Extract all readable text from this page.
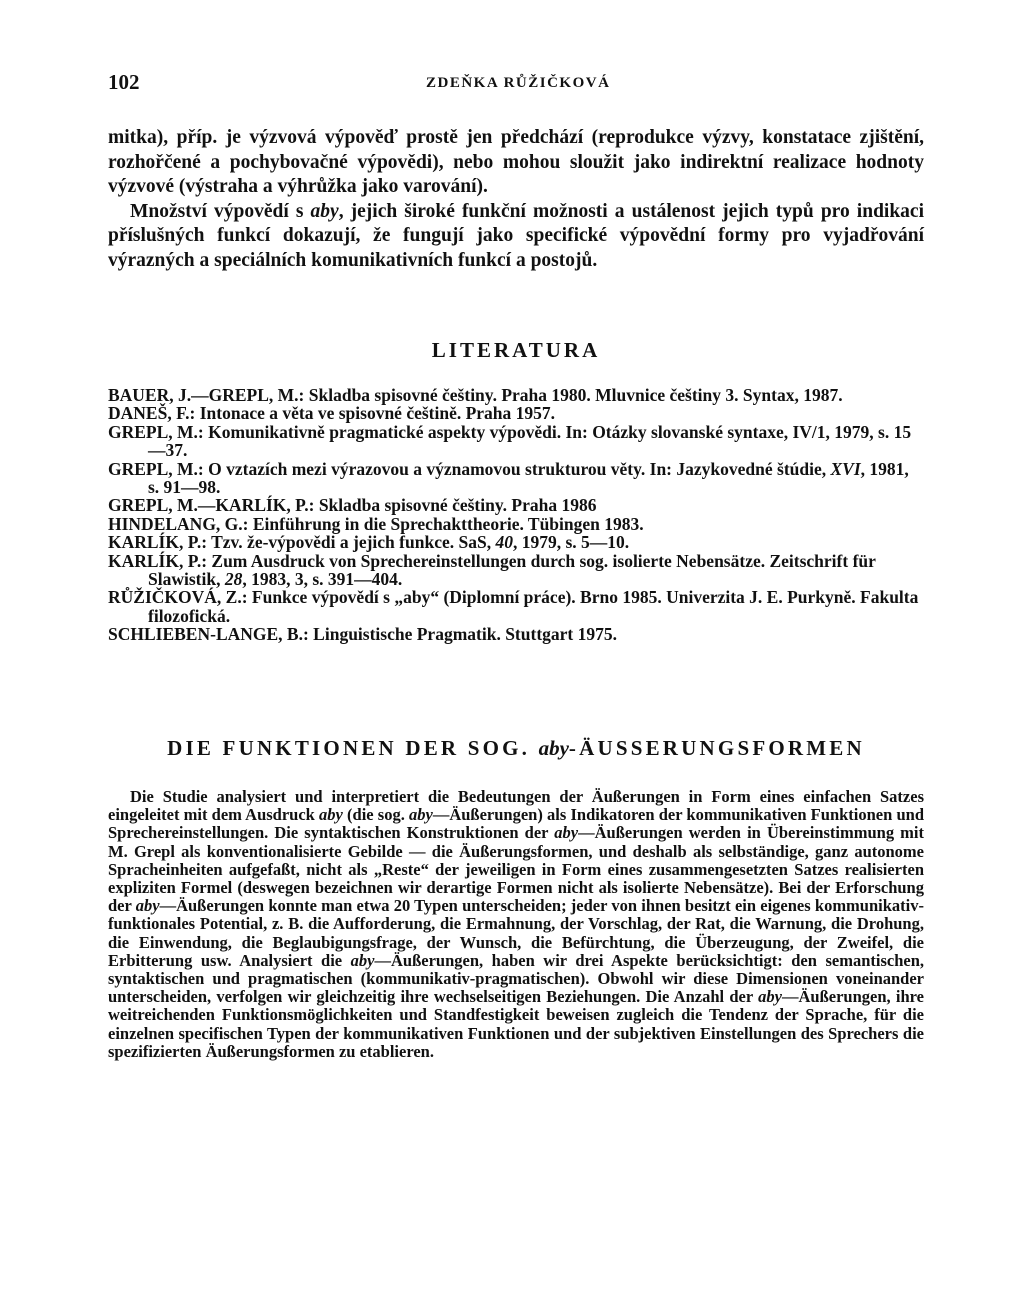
102	ZDEŇKA RŮŽIČKOVÁ

mitka), příp. je výzvová výpověď prostě jen předchází (reprodukce výzvy, konstatace zjištění, rozhořčené a pochybovačné výpovědi), nebo mohou sloužit jako indirektní realizace hodnoty výzvové (výstraha a výhrůžka jako varování).

Množství výpovědí s aby, jejich široké funkční možnosti a ustálenost jejich typů pro indikaci příslušných funkcí dokazují, že fungují jako specifické výpovědní formy pro vyjadřování výrazných a speciálních komunikativních funkcí a postojů.

LITERATURA

BAUER, J.—GREPL, M.: Skladba spisovné češtiny. Praha 1980. Mluvnice češtiny 3. Syntax, 1987.

DANEŠ, F.: Intonace a věta ve spisovné češtině. Praha 1957.

GREPL, M.: Komunikativně pragmatické aspekty výpovědi. In: Otázky slovanské syntaxe, IV/1, 1979, s. 15—37.

GREPL, M.: O vztazích mezi výrazovou a významovou strukturou věty. In: Jazykovedné štúdie, XVI, 1981, s. 91—98.

GREPL, M.—KARLÍK, P.: Skladba spisovné češtiny. Praha 1986

HINDELANG, G.: Einführung in die Sprechakttheorie. Tübingen 1983.

KARLÍK, P.: Tzv. že-výpovědi a jejich funkce. SaS, 40, 1979, s. 5—10.

KARLÍK, P.: Zum Ausdruck von Sprechereinstellungen durch sog. isolierte Nebensätze. Zeitschrift für Slawistik, 28, 1983, 3, s. 391—404.

RŮŽIČKOVÁ, Z.: Funkce výpovědí s „aby“ (Diplomní práce). Brno 1985. Univerzita J. E. Purkyně. Fakulta filozofická.

SCHLIEBEN-LANGE, B.: Linguistische Pragmatik. Stuttgart 1975.

DIE FUNKTIONEN DER SOG. aby-ÄUSSERUNGSFORMEN

Die Studie analysiert und interpretiert die Bedeutungen der Äußerungen in Form eines einfachen Satzes eingeleitet mit dem Ausdruck aby (die sog. aby—Äußerungen) als Indikatoren der kommunikativen Funktionen und Sprechereinstellungen. Die syntaktischen Konstruktionen der aby—Äußerungen werden in Übereinstimmung mit M. Grepl als konventionalisierte Gebilde — die Äußerungsformen, und deshalb als selbständige, ganz autonome Spracheinheiten aufgefaßt, nicht als „Reste“ der jeweiligen in Form eines zusammengesetzten Satzes realisierten expliziten Formel (deswegen bezeichnen wir derartige Formen nicht als isolierte Nebensätze). Bei der Erforschung der aby—Äußerungen konnte man etwa 20 Typen unterscheiden; jeder von ihnen besitzt ein eigenes kommunikativ-funktionales Potential, z. B. die Aufforderung, die Ermahnung, der Vorschlag, der Rat, die Warnung, die Drohung, die Einwendung, die Beglaubigungsfrage, der Wunsch, die Befürchtung, die Überzeugung, der Zweifel, die Erbitterung usw. Analysiert die aby—Äußerungen, haben wir drei Aspekte berücksichtigt: den semantischen, syntaktischen und pragmatischen (kommunikativ-pragmatischen). Obwohl wir diese Dimensionen voneinander unterscheiden, verfolgen wir gleichzeitig ihre wechselseitigen Beziehungen. Die Anzahl der aby—Äußerungen, ihre weitreichenden Funktionsmöglichkeiten und Standfestigkeit beweisen zugleich die Tendenz der Sprache, für die einzelnen specifischen Typen der kommunikativen Funktionen und der subjektiven Einstellungen des Sprechers die spezifizierten Äußerungsformen zu etablieren.
